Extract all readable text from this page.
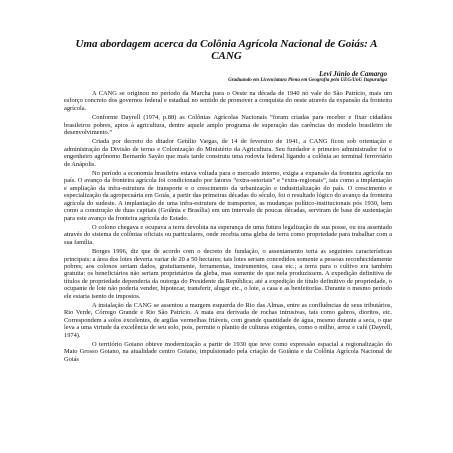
Uma abordagem acerca da Colônia Agrícola Nacional de Goiás: A CANG
Levi Júnio de Camargo
Graduando em Licenciatura Plena em Geografia pela UEG/UnU Itapuranga

A CANG se originou no período da Marcha para o Oeste na década de 1940 no vale do São Patrício, mais um esforço concreto dos governos federal e estadual no sentido de promover a conquista do oeste através da expansão da fronteira agrícola.

Conforme Dayrell (1974, p.88) as Colônias Agrícolas Nacionais “foram criadas para receber e fixar cidadãos brasileiros pobres, aptos à agricultura, dentre aquele amplo programa de superação das carências do modelo brasileiro de desenvolvimento.”

Criada por decreto do ditador Getúlio Vargas, de 14 de fevereiro de 1941, a CANG ficou sob orientação e administração da Divisão de terras e Colonização do Ministério da Agricultura. Seu fundador e primeiro administrador foi o engenheiro agrônomo Bernardo Sayão que mais tarde construiu uma rodovia federal ligando a colônia ao terminal ferroviário de Anápolis.

No período a economia brasileira estava voltada para o mercado interno, exigia a expansão da fronteira agrícola no país. O avanço da fronteira agrícola foi condicionado por fatores “extra-setoriais” e “extra-regionais”, tais como a implantação e ampliação da infra-estrutura de transporte e o crescimento da urbanização e industrialização do país. O crescimento e especialização da agropecuária em Goiás, a partir das primeiras décadas do século, foi o resultado lógico do avanço da fronteira agrícola do sudeste. A implantação de uma infra-estrutura de transportes, as mudanças político-institucionais pós 1930, bem como a construção de duas capitais (Goiânia e Brasília) em um intervalo de poucas décadas, serviram de base de sustentação para este avanço da fronteira agrícola do Estado.

O colono chegava e ocupava a terra devoluta na esperança de uma futura legalização de sua posse, ou era assentado através do sistema de colônias oficiais ou particulares, onde recebia uma gleba de terra como propriedade para trabalhar com a sua família.

Borges 1996, diz que de acordo com o decreto de fundação, o assentamento teria as seguintes características principais: a área dos lotes deveria variar de 20 a 50 hectares; tais lotes seriam concedidos somente a pessoas reconhecidamente pobres; aos colonos seriam dados, gratuitamente, ferramentas, instrumentos, casa etc.; a terra para o cultivo era também gratuita: os beneficiários não seriam proprietários da gleba, mas somente do que nela produzissem. A expedição definitiva de títulos de propriedade dependeria da outorga do Presidente da República; até a expedição de título definitivo de propriedade, o ocupante de lote não poderia vender, hipotecar, transferir, alugar etc., o lote, a casa e as benfeitorias. Durante o mesmo período ele estaria isento de impostos.

A instalação da CANG se assentou a margem esquerda do Rio das Almas, entre as confluências de seus tributários, Rio Verde, Córrego Grande e Rio São Patrício. A mata era derivada de rochas intrusivas, tais como gabros, dioritos, etc. Correspondem a solos excelentes, de argilas vermelhas friáveis, com grande quantidade de água, mesmo durante a seca, o que leva a uma virtude da excelência de seu solo, pois, permite o plantio de culturas exigentes, como o milho, arroz e café (Dayrell, 1974).

O território Goiano obteve modernização a partir de 1930 que teve como expressão espacial a regionalização do Mato Grosso Goiano, na atualidade centro Goiano, impulsionado pela criação de Goiânia e da Colônia Agrícola Nacional de Goiás
